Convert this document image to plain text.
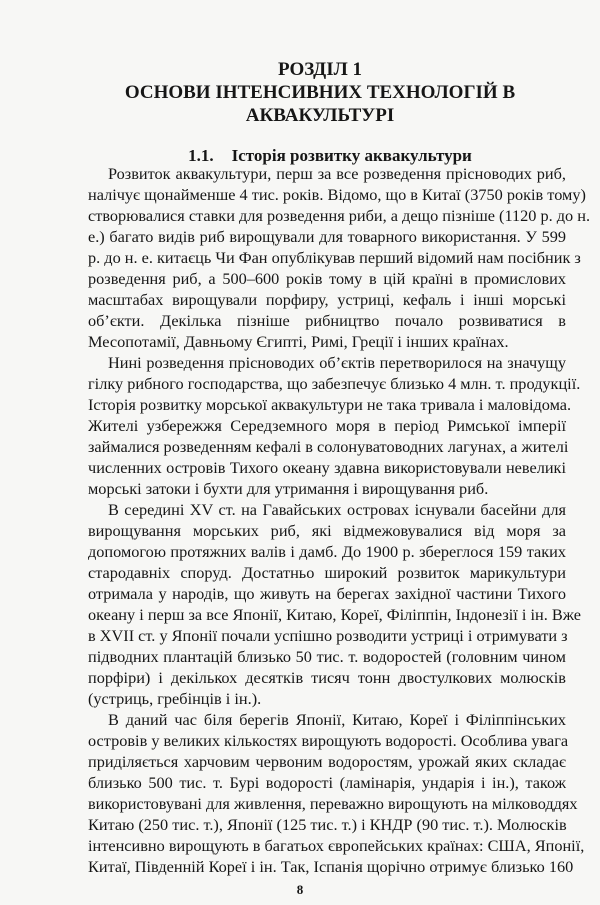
РОЗДІЛ 1
ОСНОВИ ІНТЕНСИВНИХ ТЕХНОЛОГІЙ В
АКВАКУЛЬТУРІ
1.1. Історія розвитку аквакультури
Розвиток аквакультури, перш за все розведення прісноводих риб,
налічує щонайменше 4 тис. років. Відомо, що в Китаї (3750 років тому)
створювалися ставки для розведення риби, а дещо пізніше (1120 р. до н.
е.) багато видів риб вирощували для товарного використання. У 599
р. до н. е. китаєць Чи Фан опублікував перший відомий нам посібник з
розведення риб, а 500–600 років тому в цій країні в промислових
масштабах вирощували порфиру, устриці, кефаль і інші морські
об’єкти. Декілька пізніше рибництво почало розвиватися в
Месопотамії, Давньому Єгипті, Римі, Греції і інших країнах.
Нині розведення прісноводих об’єктів перетворилося на значущу
гілку рибного господарства, що забезпечує близько 4 млн. т. продукції.
Історія розвитку морської аквакультури не така тривала і маловідома.
Жителі узбережжя Середземного моря в період Римської імперії
займалися розведенням кефалі в солонуватоводних лагунах, а жителі
численних островів Тихого океану здавна використовували невеликі
морські затоки і бухти для утримання і вирощування риб.
В середині XV ст. на Гавайських островах існували басейни для
вирощування морських риб, які відмежовувалися від моря за
допомогою протяжних валів і дамб. До 1900 р. збереглося 159 таких
стародавніх споруд. Достатньо широкий розвиток марикультури
отримала у народів, що живуть на берегах західної частини Тихого
океану і перш за все Японії, Китаю, Кореї, Філіппін, Індонезії і ін. Вже
в XVII ст. у Японії почали успішно розводити устриці і отримувати з
підводних плантацій близько 50 тис. т. водоростей (головним чином
порфіри) і декількох десятків тисяч тонн двостулкових молюсків
(устриць, гребінців і ін.).
В даний час біля берегів Японії, Китаю, Кореї і Філіппінських
островів у великих кількостях вирощують водорості. Особлива увага
приділяється харчовим червоним водоростям, урожай яких складає
близько 500 тис. т. Бурі водорості (ламінарія, ундарія і ін.), також
використовувані для живлення, переважно вирощують на мілководдях
Китаю (250 тис. т.), Японії (125 тис. т.) і КНДР (90 тис. т.). Молюсків
інтенсивно вирощують в багатьох європейських країнах: США, Японії,
Китаї, Південній Кореї і ін. Так, Іспанія щорічно отримує близько 160
8
